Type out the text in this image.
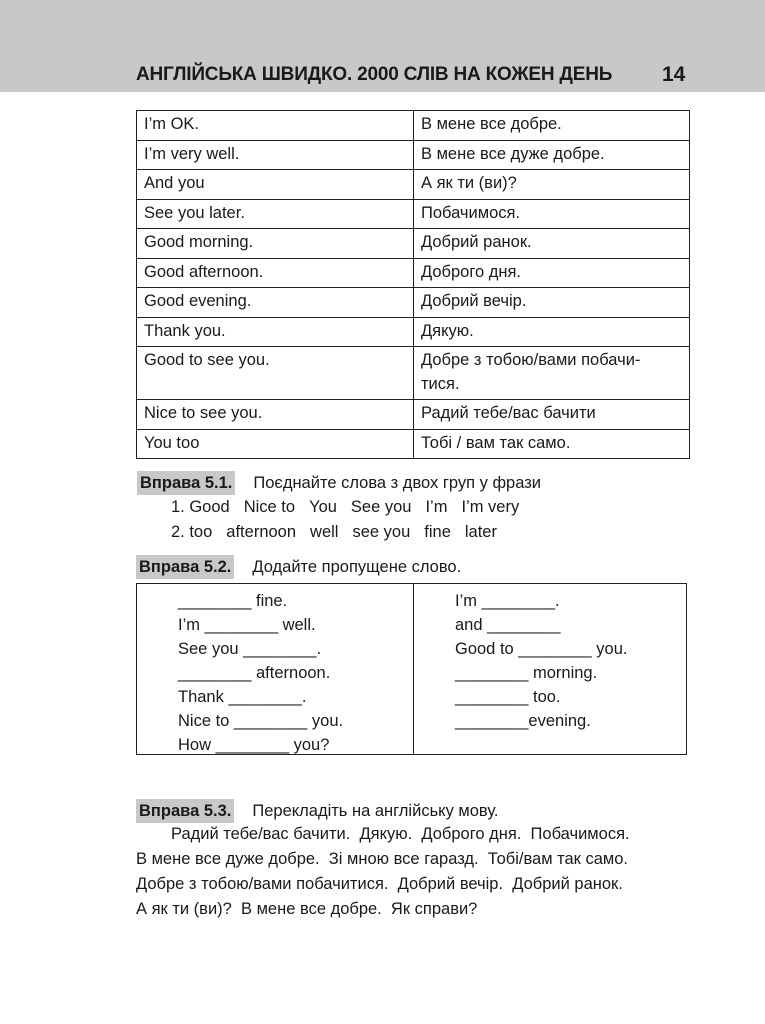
АНГЛІЙСЬКА ШВИДКО. 2000 СЛІВ НА КОЖЕН ДЕНЬ 14
I’m OK.	В мене все добре.
I’m very well.	В мене все дуже добре.
And you	А як ти (ви)?
See you later.	Побачимося.
Good morning.	Добрий ранок.
Good afternoon.	Доброго дня.
Good evening.	Добрий вечір.
Thank you.	Дякую.
Good to see you.	Добре з тобою/вами побачи-
тися.
Nice to see you.	Радий тебе/вас бачити
You too	Тобі / вам так само.
Вправа 5.1. Поєднайте слова з двох груп у фрази
1. Good Nice to You See you I’m I’m very
2. too afternoon well see you fine later
Вправа 5.2. Додайте пропущене слово.
________ fine.
I’m ________ well.
See you ________.
________ afternoon.
Thank ________.
Nice to ________ you.
How ________ you?
I’m ________.
and ________
Good to ________ you.
________ morning.
________ too.
________evening.
Вправа 5.3. Перекладіть на англійську мову.
Радий тебе/вас бачити.  Дякую.  Доброго дня.  Побачимося.
В мене все дуже добре.  Зі мною все гаразд.  Тобі/вам так само.
Добре з тобою/вами побачитися.  Добрий вечір.  Добрий ранок.
А як ти (ви)?  В мене все добре.  Як справи?
